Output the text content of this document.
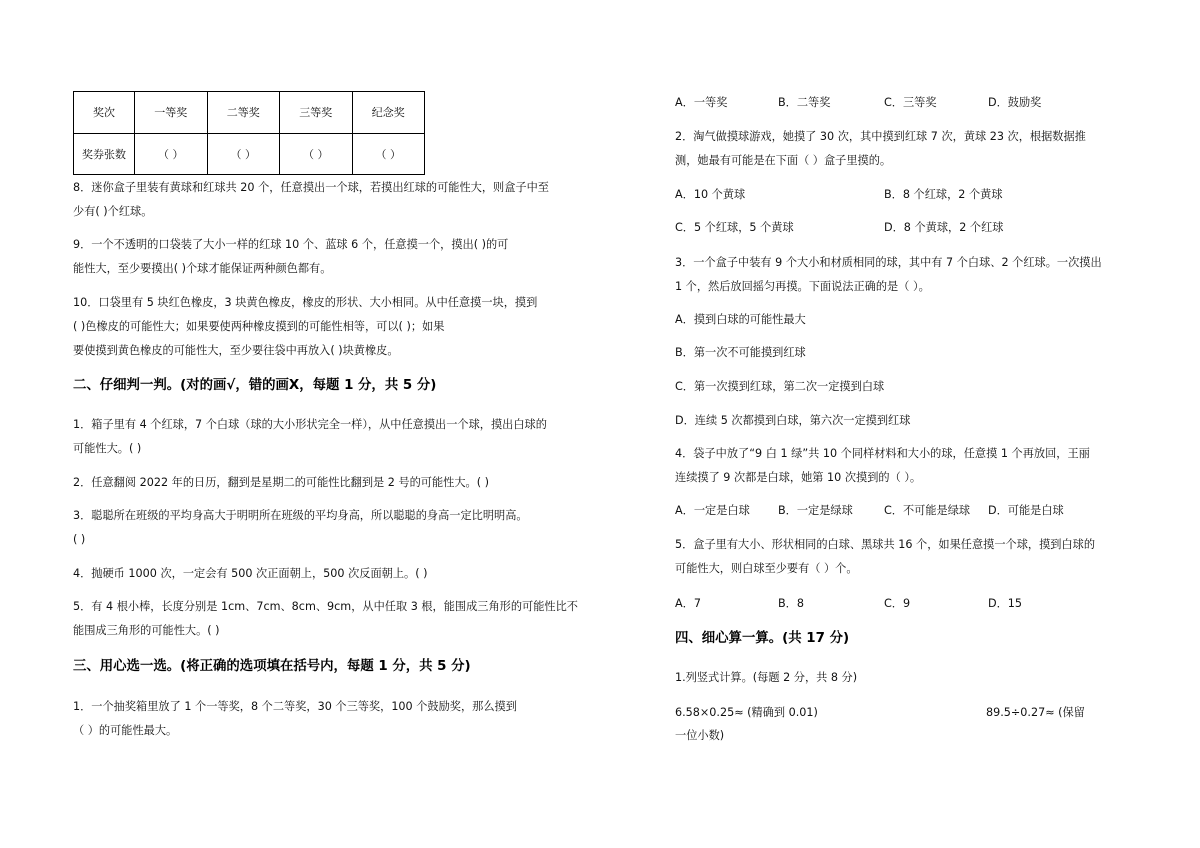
奖次	一等奖	二等奖	三等奖	纪念奖
奖券张数	（ ）	（ ）	（ ）	（ ）
8．迷你盒子里装有黄球和红球共 20 个，任意摸出一个球，若摸出红球的可能性大，则盒子中至
少有( )个红球。
9．一个不透明的口袋装了大小一样的红球 10 个、蓝球 6 个，任意摸一个，摸出( )的可
能性大，至少要摸出( )个球才能保证两种颜色都有。
10．口袋里有 5 块红色橡皮，3 块黄色橡皮，橡皮的形状、大小相同。从中任意摸一块，摸到
( )色橡皮的可能性大；如果要使两种橡皮摸到的可能性相等，可以( )；如果
要使摸到黄色橡皮的可能性大，至少要往袋中再放入( )块黄橡皮。
二、仔细判一判。(对的画√，错的画X，每题 1 分，共 5 分)
1．箱子里有 4 个红球，7 个白球（球的大小形状完全一样），从中任意摸出一个球，摸出白球的
可能性大。( )
2．任意翻阅 2022 年的日历，翻到是星期二的可能性比翻到是 2 号的可能性大。( )
3．聪聪所在班级的平均身高大于明明所在班级的平均身高，所以聪聪的身高一定比明明高。
( )
4．抛硬币 1000 次，一定会有 500 次正面朝上，500 次反面朝上。( )
5．有 4 根小棒，长度分别是 1cm、7cm、8cm、9cm，从中任取 3 根，能围成三角形的可能性比不
能围成三角形的可能性大。( )
三、用心选一选。(将正确的选项填在括号内，每题 1 分，共 5 分)
1．一个抽奖箱里放了 1 个一等奖，8 个二等奖，30 个三等奖，100 个鼓励奖，那么摸到
（ ）的可能性最大。
A．一等奖	B．二等奖	C．三等奖	D．鼓励奖
2．淘气做摸球游戏，她摸了 30 次，其中摸到红球 7 次，黄球 23 次，根据数据推
测，她最有可能是在下面（ ）盒子里摸的。
A．10 个黄球	B．8 个红球，2 个黄球
C．5 个红球，5 个黄球	D．8 个黄球，2 个红球
3．一个盒子中装有 9 个大小和材质相同的球，其中有 7 个白球、2 个红球。一次摸出
1 个，然后放回摇匀再摸。下面说法正确的是（ ）。
A．摸到白球的可能性最大
B．第一次不可能摸到红球
C．第一次摸到红球，第二次一定摸到白球
D．连续 5 次都摸到白球，第六次一定摸到红球
4．袋子中放了“9 白 1 绿”共 10 个同样材料和大小的球，任意摸 1 个再放回，王丽
连续摸了 9 次都是白球，她第 10 次摸到的（ ）。
A．一定是白球	B．一定是绿球	C．不可能是绿球 D．可能是白球
5．盒子里有大小、形状相同的白球、黑球共 16 个，如果任意摸一个球，摸到白球的
可能性大，则白球至少要有（ ）个。
A．7	B．8	C．9	D．15
四、细心算一算。(共 17 分)
1.列竖式计算。(每题 2 分，共 8 分)
6.58×0.25≈ (精确到 0.01)	89.5÷0.27≈ (保留
一位小数)
